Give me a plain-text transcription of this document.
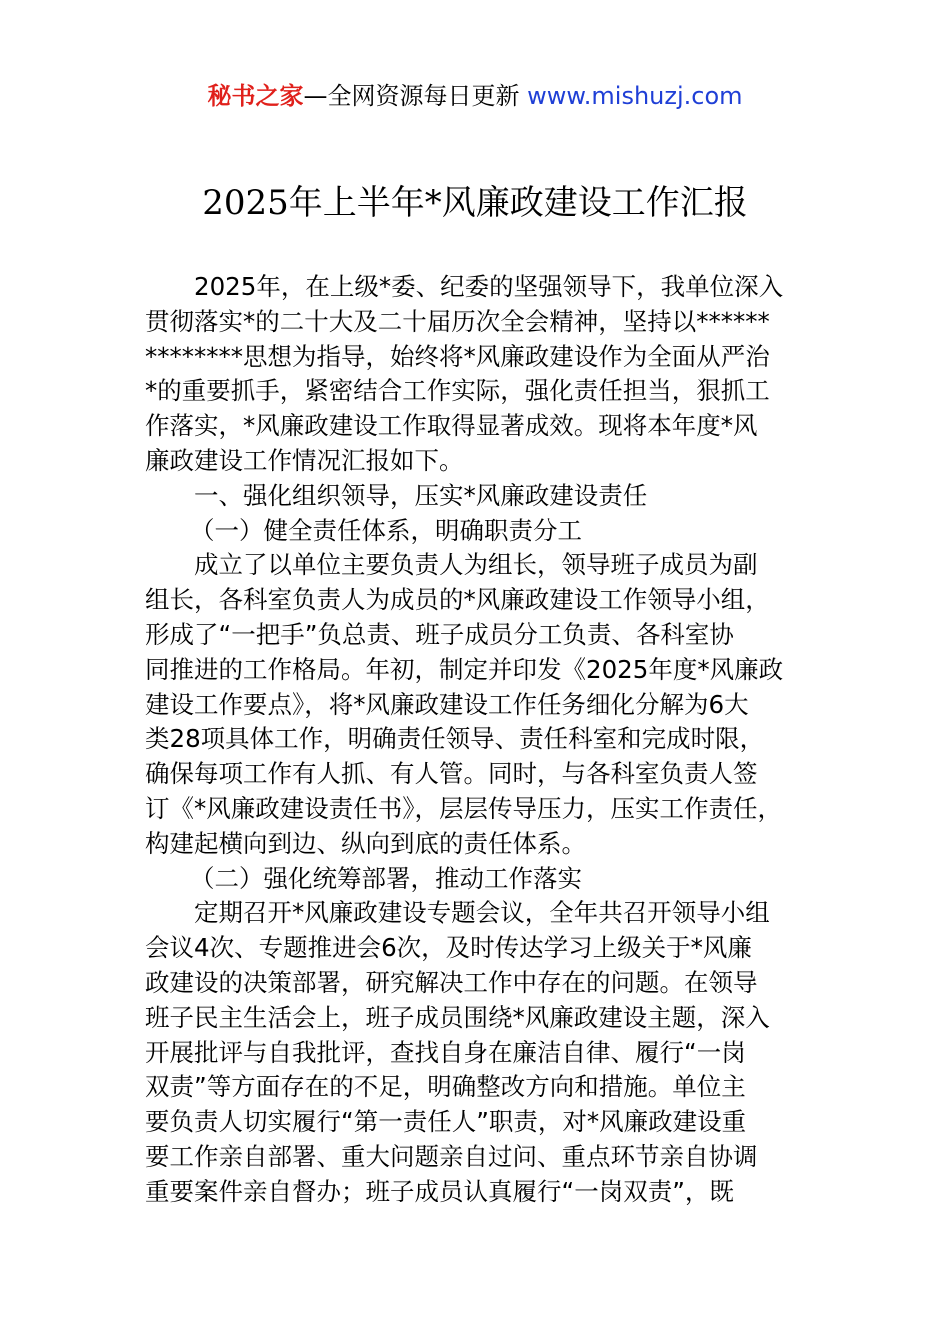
秘书之家—全网资源每日更新 www.mishuzj.com
2025年上半年*风廉政建设工作汇报
2025年，在上级*委、纪委的坚强领导下，我单位深入
贯彻落实*的二十大及二十届历次全会精神，坚持以******
********思想为指导，始终将*风廉政建设作为全面从严治
*的重要抓手，紧密结合工作实际，强化责任担当，狠抓工
作落实，*风廉政建设工作取得显著成效。现将本年度*风
廉政建设工作情况汇报如下。
一、强化组织领导，压实*风廉政建设责任
（一）健全责任体系，明确职责分工
成立了以单位主要负责人为组长，领导班子成员为副
组长，各科室负责人为成员的*风廉政建设工作领导小组，
形成了“一把手”负总责、班子成员分工负责、各科室协
同推进的工作格局。年初，制定并印发《2025年度*风廉政
建设工作要点》，将*风廉政建设工作任务细化分解为6大
类28项具体工作，明确责任领导、责任科室和完成时限，
确保每项工作有人抓、有人管。同时，与各科室负责人签
订《*风廉政建设责任书》，层层传导压力，压实工作责任，
构建起横向到边、纵向到底的责任体系。
（二）强化统筹部署，推动工作落实
定期召开*风廉政建设专题会议，全年共召开领导小组
会议4次、专题推进会6次，及时传达学习上级关于*风廉
政建设的决策部署，研究解决工作中存在的问题。在领导
班子民主生活会上，班子成员围绕*风廉政建设主题，深入
开展批评与自我批评，查找自身在廉洁自律、履行“一岗
双责”等方面存在的不足，明确整改方向和措施。单位主
要负责人切实履行“第一责任人”职责，对*风廉政建设重
要工作亲自部署、重大问题亲自过问、重点环节亲自协调
重要案件亲自督办；班子成员认真履行“一岗双责”，既
